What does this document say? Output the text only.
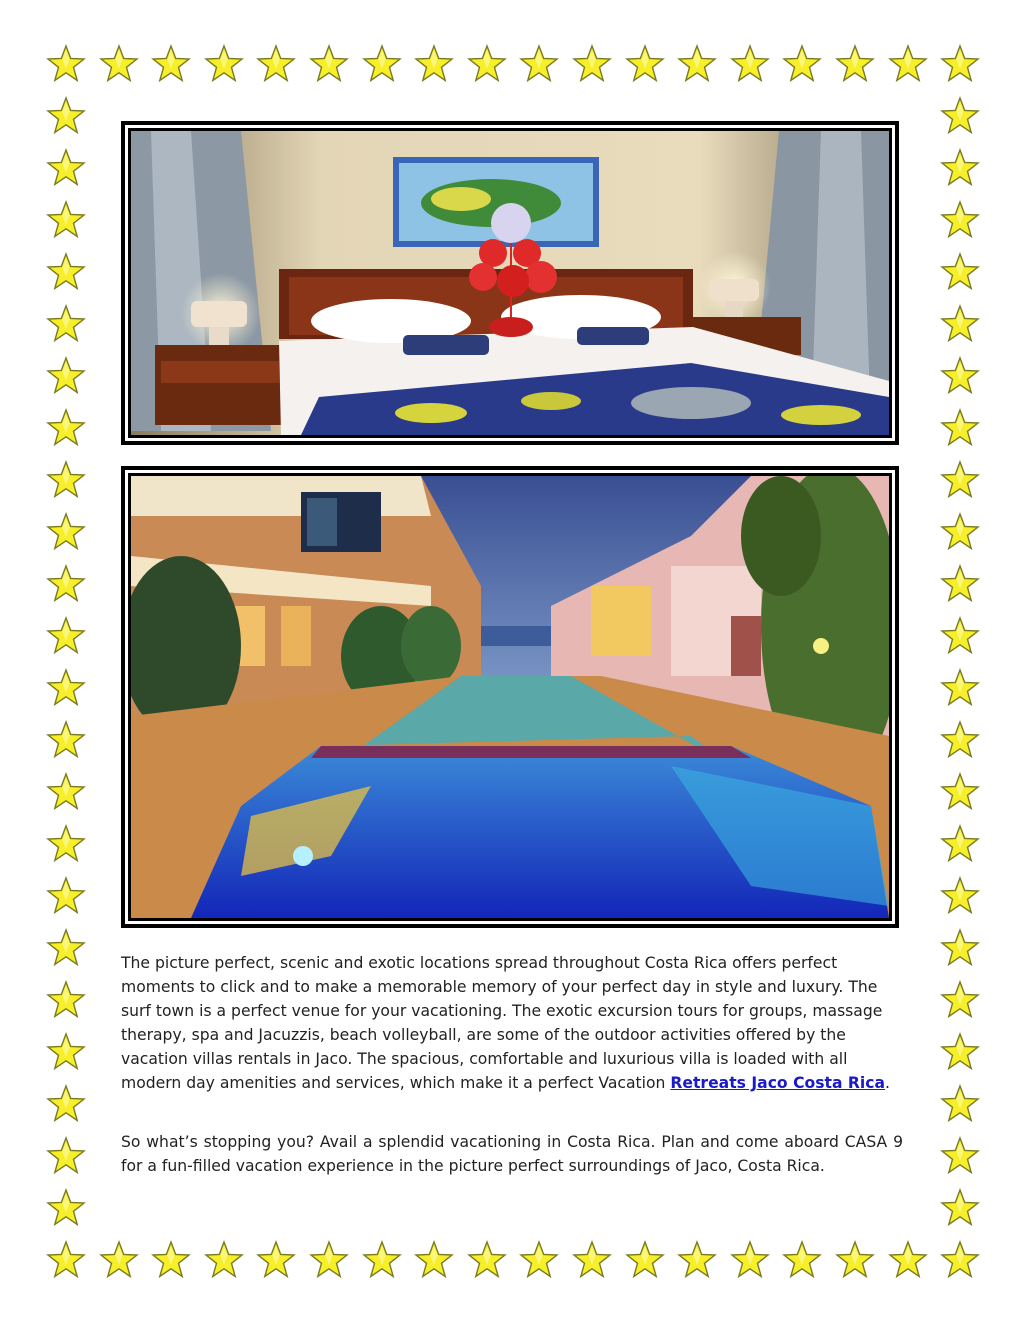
The picture perfect, scenic and exotic locations spread throughout Costa Rica offers perfect moments to click and to make a memorable memory of your perfect day in style and luxury. The surf town is a perfect venue for your vacationing. The exotic excursion tours for groups, massage therapy, spa and Jacuzzis, beach volleyball, are some of the outdoor activities offered by the vacation villas rentals in Jaco. The spacious, comfortable and luxurious villa is loaded with all modern day amenities and services, which make it a perfect Vacation Retreats Jaco Costa Rica.

So what’s stopping you? Avail a splendid vacationing in Costa Rica. Plan and come aboard CASA 9 for a fun-filled vacation experience in the picture perfect surroundings of Jaco, Costa Rica.
